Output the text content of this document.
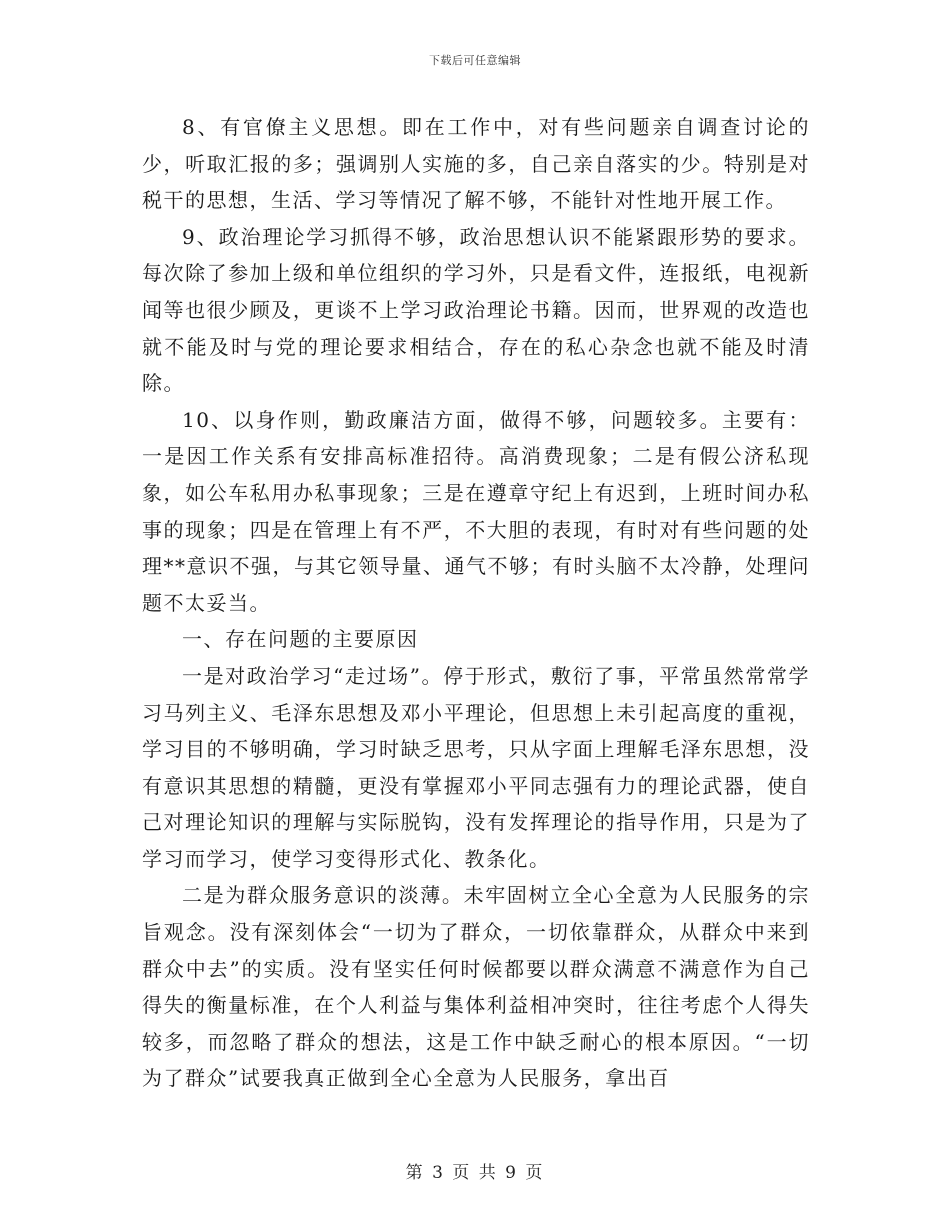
下载后可任意编辑

8、有官僚主义思想。即在工作中，对有些问题亲自调查讨论的少，听取汇报的多；强调别人实施的多，自己亲自落实的少。特别是对税干的思想，生活、学习等情况了解不够，不能针对性地开展工作。

9、政治理论学习抓得不够，政治思想认识不能紧跟形势的要求。每次除了参加上级和单位组织的学习外，只是看文件，连报纸，电视新闻等也很少顾及，更谈不上学习政治理论书籍。因而，世界观的改造也就不能及时与党的理论要求相结合，存在的私心杂念也就不能及时清除。

10、以身作则，勤政廉洁方面，做得不够，问题较多。主要有：一是因工作关系有安排高标准招待。高消费现象；二是有假公济私现象，如公车私用办私事现象；三是在遵章守纪上有迟到，上班时间办私事的现象；四是在管理上有不严，不大胆的表现，有时对有些问题的处理**意识不强，与其它领导量、通气不够；有时头脑不太冷静，处理问题不太妥当。

一、存在问题的主要原因

一是对政治学习“走过场”。停于形式，敷衍了事，平常虽然常常学习马列主义、毛泽东思想及邓小平理论，但思想上未引起高度的重视，学习目的不够明确，学习时缺乏思考，只从字面上理解毛泽东思想，没有意识其思想的精髓，更没有掌握邓小平同志强有力的理论武器，使自己对理论知识的理解与实际脱钩，没有发挥理论的指导作用，只是为了学习而学习，使学习变得形式化、教条化。

二是为群众服务意识的淡薄。未牢固树立全心全意为人民服务的宗旨观念。没有深刻体会“一切为了群众，一切依靠群众，从群众中来到群众中去”的实质。没有坚实任何时候都要以群众满意不满意作为自己得失的衡量标准，在个人利益与集体利益相冲突时，往往考虑个人得失较多，而忽略了群众的想法，这是工作中缺乏耐心的根本原因。“一切为了群众”试要我真正做到全心全意为人民服务，拿出百

第 3 页 共 9 页
